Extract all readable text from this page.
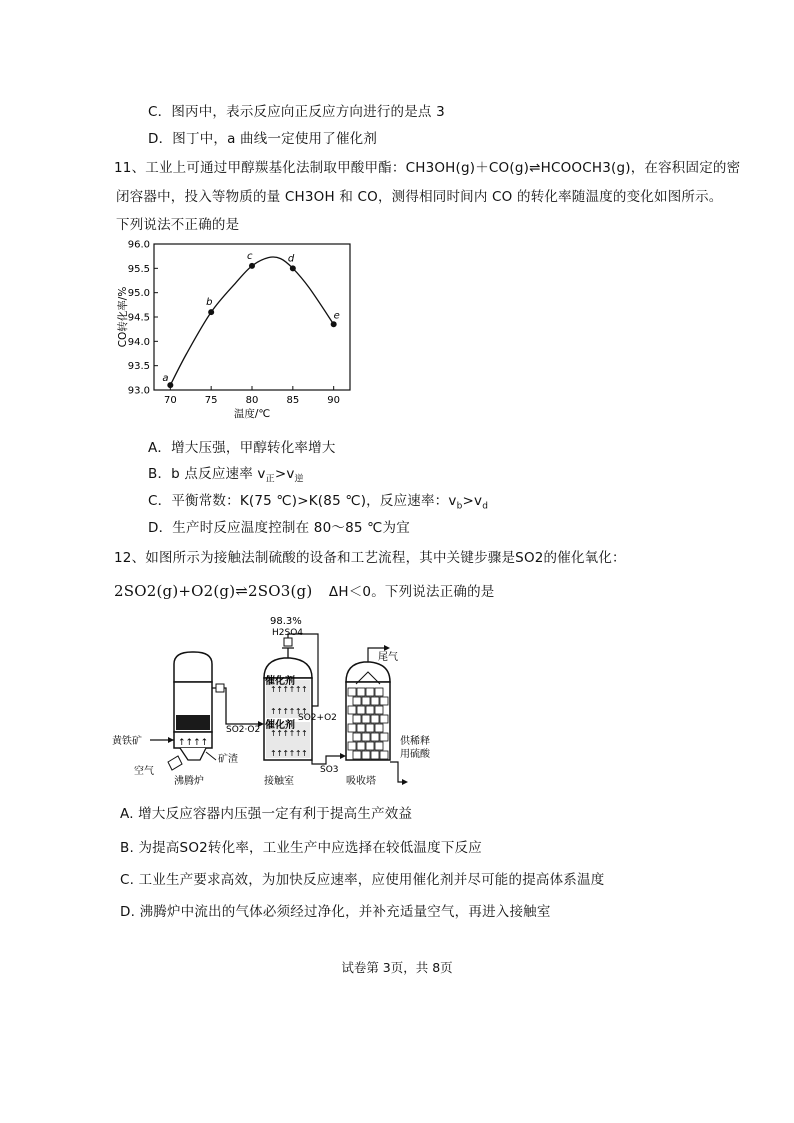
C．图丙中，表示反应向正反应方向进行的是点 3
D．图丁中，a 曲线一定使用了催化剂
11、工业上可通过甲醇羰基化法制取甲酸甲酯：CH3OH(g)＋CO(g)⇌HCOOCH3(g)，在容积固定的密
闭容器中，投入等物质的量 CH3OH 和 CO，测得相同时间内 CO 的转化率随温度的变化如图所示。
下列说法不正确的是
93.0
93.5
94.0
94.5
95.0
95.5
96.0
70	75	80	85	90
a
b
c	d
e
CO转化率/%
温度/℃
A．增大压强，甲醇转化率增大
B．b 点反应速率 $v_正>v_逆$
C．平衡常数：K(75 ℃)>K(85 ℃)，反应速率：$v_b>v_d$
D．生产时反应温度控制在 80～85 ℃为宜
12、如图所示为接触法制硫酸的设备和工艺流程，其中关键步骤是SO2的催化氧化：
2SO2(g)+O2(g)⇌2SO3(g) ΔH＜0。下列说法正确的是
↑↑↑↑
↑↑↑↑↑↑
↑↑↑↑↑↑
↑↑↑↑↑↑
↑↑↑↑↑↑
98.3%
H2SO4
尾气
催化剂
催化剂
SO2·O2
SO2+O2
SO3
黄铁矿
空气
矿渣
沸腾炉	接触室	吸收塔
供稀释
用硫酸
A. 增大反应容器内压强一定有利于提高生产效益
B. 为提高SO2转化率，工业生产中应选择在较低温度下反应
C. 工业生产要求高效，为加快反应速率，应使用催化剂并尽可能的提高体系温度
D. 沸腾炉中流出的气体必须经过净化，并补充适量空气，再进入接触室
试卷第 3页，共 8页
